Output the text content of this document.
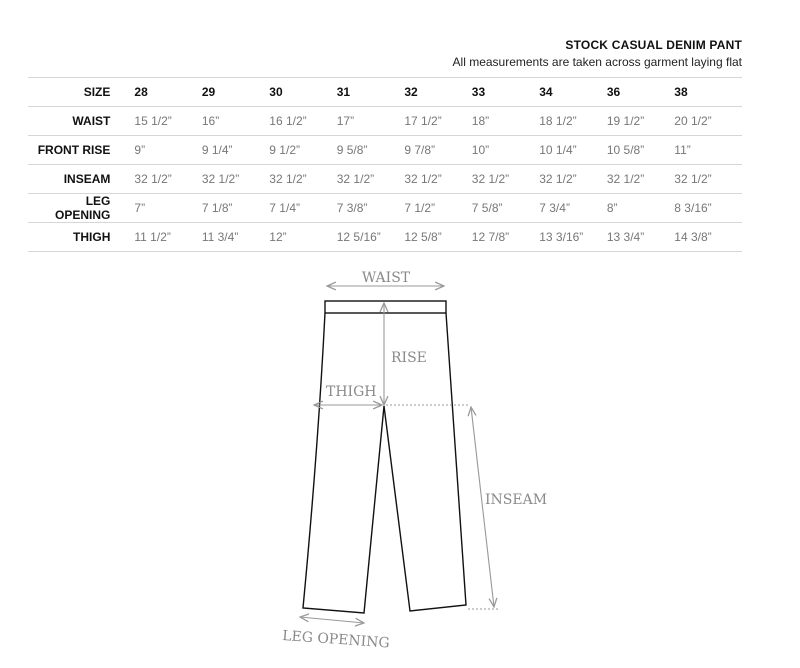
STOCK CASUAL DENIM PANT
All measurements are taken across garment laying flat
SIZE	28	29	30	31	32	33	34	36	38
WAIST	15 1/2”	16”	16 1/2”	17”	17 1/2”	18”	18 1/2”	19 1/2”	20 1/2”
FRONT RISE	9”	9 1/4”	9 1/2”	9 5/8”	9 7/8”	10”	10 1/4”	10 5/8”	11”
INSEAM	32 1/2”	32 1/2”	32 1/2”	32 1/2”	32 1/2”	32 1/2”	32 1/2”	32 1/2”	32 1/2”
LEG OPENING	7”	7 1/8”	7 1/4”	7 3/8”	7 1/2”	7 5/8”	7 3/4”	8”	8 3/16”
THIGH	11 1/2”	11 3/4”	12”	12 5/16”	12 5/8”	12 7/8”	13 3/16”	13 3/4”	14 3/8”
WAIST
RISE
THIGH
INSEAM
LEG OPENING
